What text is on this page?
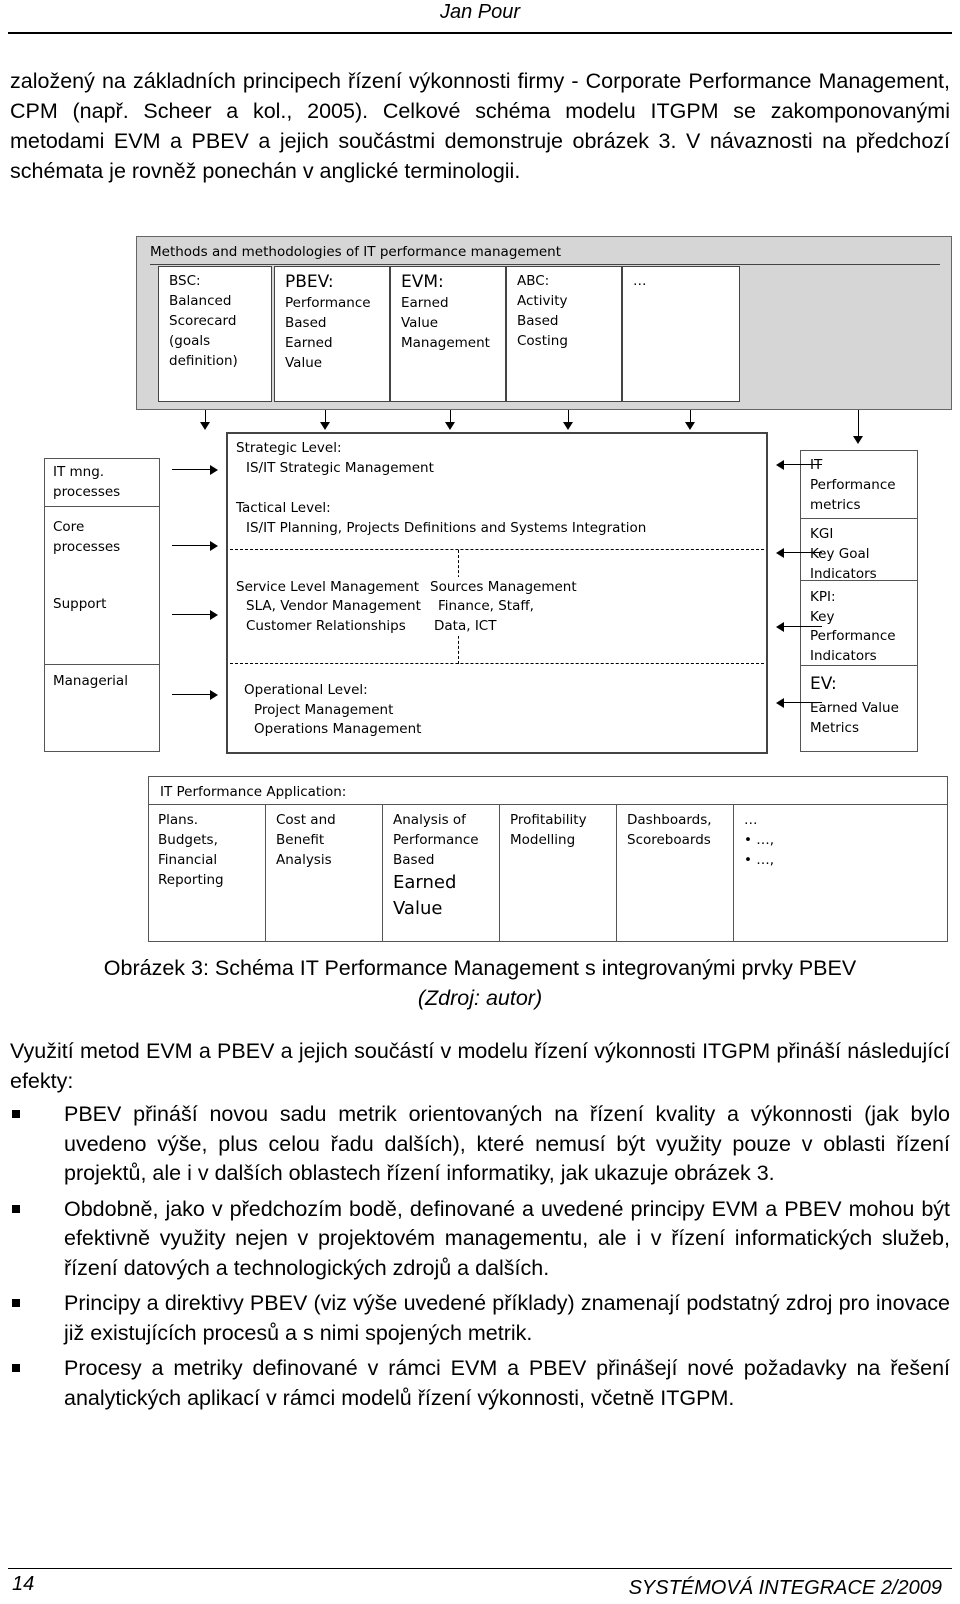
Jan Pour

založený na základních principech řízení výkonnosti firmy - Corporate Performance Management, CPM (např. Scheer a kol., 2005). Celkové schéma modelu ITGPM se zakomponovanými metodami EVM a PBEV a jejich součástmi demonstruje obrázek 3. V návaznosti na předchozí schémata je rovněž ponechán v anglické terminologii.

Methods and methodologies of IT performance management
BSC:
Balanced
Scorecard
(goals
definition)
PBEV:
Performance
Based
Earned
Value
EVM:
Earned
Value
Management
ABC:
Activity
Based
Costing
…
IT mng.
processes
Core
processes
Support
Managerial
Strategic Level:
IS/IT Strategic Management
Tactical Level:
IS/IT Planning, Projects Definitions and Systems Integration
Service Level Management
SLA, Vendor Management
Customer Relationships
Sources Management
Finance, Staff,
Data, ICT
Operational Level:
Project Management
Operations Management
IT
Performance
metrics
KGI
Key Goal
Indicators
KPI:
Key
Performance
Indicators
EV:
Earned Value
Metrics
IT Performance Application:
Plans.
Budgets,
Financial
Reporting
Cost and
Benefit
Analysis
Analysis of
Performance
Based
Earned
Value
Profitability
Modelling
Dashboards,
Scoreboards
…
• …,
• …,
Obrázek 3: Schéma IT Performance Management s integrovanými prvky PBEV
(Zdroj: autor)

Využití metod EVM a PBEV a jejich součástí v modelu řízení výkonnosti ITGPM přináší následující efekty:

PBEV přináší novou sadu metrik orientovaných na řízení kvality a výkonnosti (jak bylo uvedeno výše, plus celou řadu dalších), které nemusí být využity pouze v oblasti řízení projektů, ale i v dalších oblastech řízení informatiky, jak ukazuje obrázek 3.
Obdobně, jako v předchozím bodě, definované a uvedené principy EVM a PBEV mohou být efektivně využity nejen v projektovém managementu, ale i v řízení informatických služeb, řízení datových a technologických zdrojů a dalších.
Principy a direktivy PBEV (viz výše uvedené příklady) znamenají podstatný zdroj pro inovace již existujících procesů a s nimi spojených metrik.
Procesy a metriky definované v rámci EVM a PBEV přinášejí nové požadavky na řešení analytických aplikací v rámci modelů řízení výkonnosti, včetně ITGPM.
14	SYSTÉMOVÁ INTEGRACE 2/2009
